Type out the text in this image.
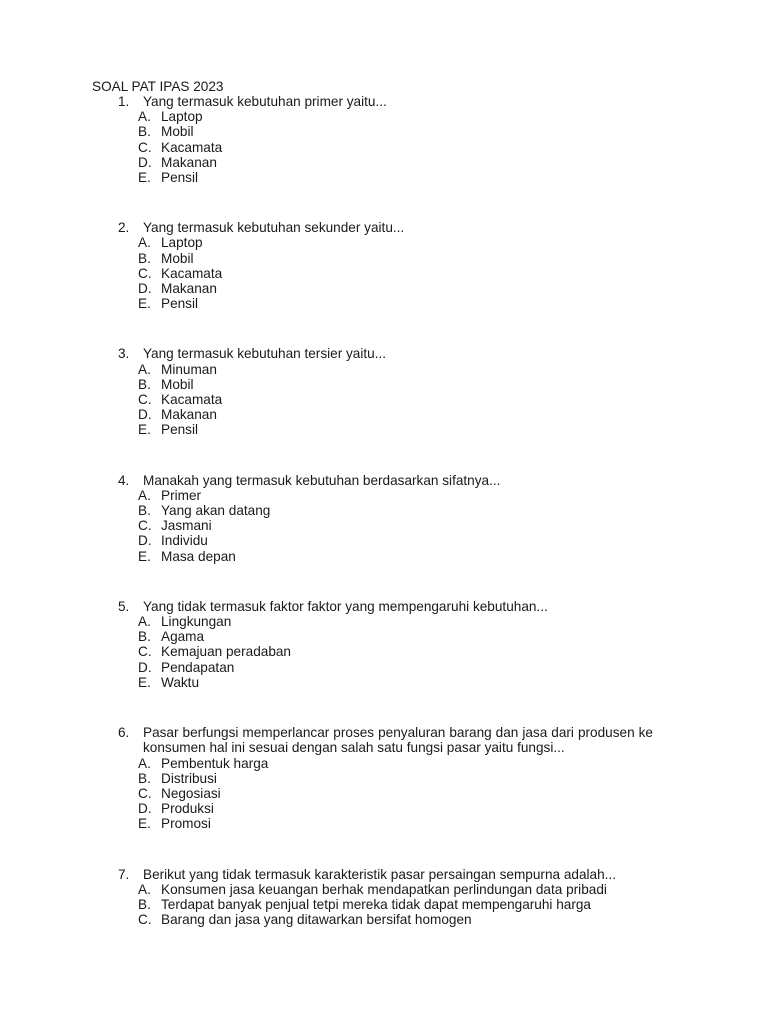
SOAL PAT IPAS 2023
1.	Yang termasuk kebutuhan primer yaitu...
A. Laptop
B. Mobil
C. Kacamata
D. Makanan
E. Pensil
2.	Yang termasuk kebutuhan sekunder yaitu...
A. Laptop
B. Mobil
C. Kacamata
D. Makanan
E. Pensil
3.	Yang termasuk kebutuhan tersier yaitu...
A. Minuman
B. Mobil
C. Kacamata
D. Makanan
E. Pensil
4.	Manakah yang termasuk kebutuhan berdasarkan sifatnya...
A. Primer
B. Yang akan datang
C. Jasmani
D. Individu
E. Masa depan
5.	Yang tidak termasuk faktor faktor yang mempengaruhi kebutuhan...
A. Lingkungan
B. Agama
C. Kemajuan peradaban
D. Pendapatan
E. Waktu
6.	Pasar berfungsi memperlancar proses penyaluran barang dan jasa dari produsen ke konsumen hal ini sesuai dengan salah satu fungsi pasar yaitu fungsi...
A. Pembentuk harga
B. Distribusi
C. Negosiasi
D. Produksi
E. Promosi
7.	Berikut yang tidak termasuk karakteristik pasar persaingan sempurna adalah...
A. Konsumen jasa keuangan berhak mendapatkan perlindungan data pribadi
B. Terdapat banyak penjual tetpi mereka tidak dapat mempengaruhi harga
C. Barang dan jasa yang ditawarkan bersifat homogen
